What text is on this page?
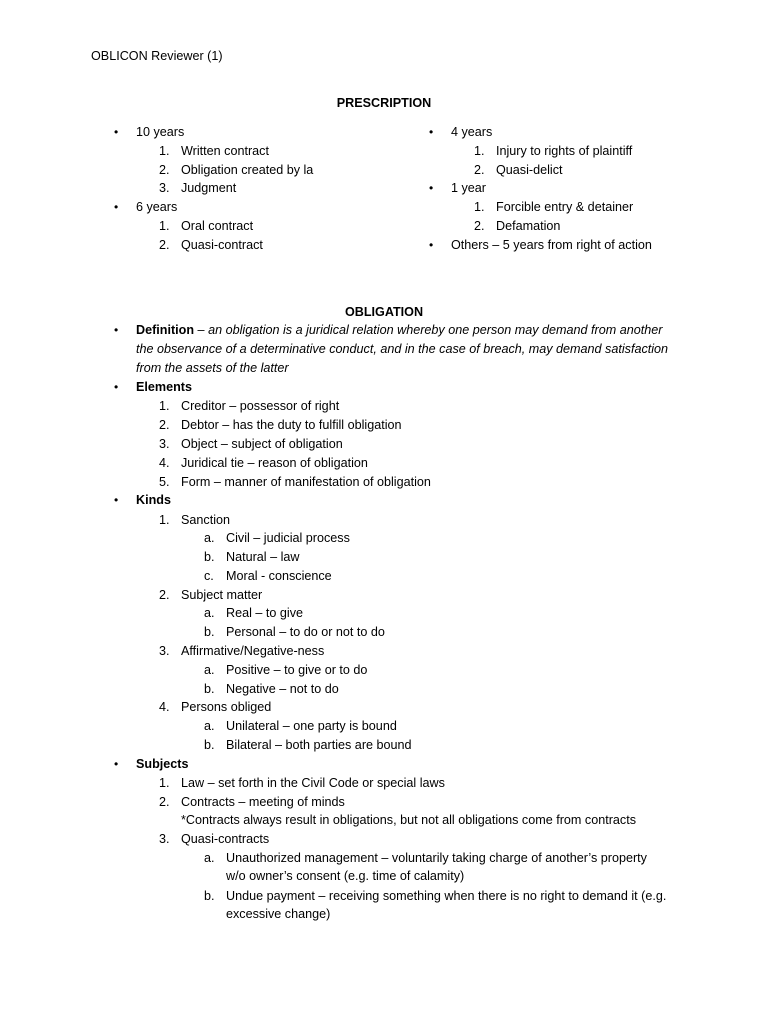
OBLICON Reviewer (1)
PRESCRIPTION
•
10 years
1. Written contract
2. Obligation created by la
3. Judgment
•
6 years
1. Oral contract
2. Quasi-contract
•
4 years
1. Injury to rights of plaintiff
2. Quasi-delict
•
1 year
1. Forcible entry & detainer
2. Defamation
•
Others – 5 years from right of action
OBLIGATION
•
Definition – an obligation is a juridical relation whereby one person may demand from another
the observance of a determinative conduct, and in the case of breach, may demand satisfaction
from the assets of the latter
•
Elements
1. Creditor – possessor of right
2. Debtor – has the duty to fulfill obligation
3. Object – subject of obligation
4. Juridical tie – reason of obligation
5. Form – manner of manifestation of obligation
•
Kinds
1. Sanction
a. Civil – judicial process
b. Natural – law
c. Moral - conscience
2. Subject matter
a. Real – to give
b. Personal – to do or not to do
3. Affirmative/Negative-ness
a. Positive – to give or to do
b. Negative – not to do
4. Persons obliged
a. Unilateral – one party is bound
b. Bilateral – both parties are bound
•
Subjects
1. Law – set forth in the Civil Code or special laws
2. Contracts – meeting of minds
*Contracts always result in obligations, but not all obligations come from contracts
3. Quasi-contracts
a. Unauthorized management – voluntarily taking charge of another’s property
w/o owner’s consent (e.g. time of calamity)
b. Undue payment – receiving something when there is no right to demand it (e.g.
excessive change)
